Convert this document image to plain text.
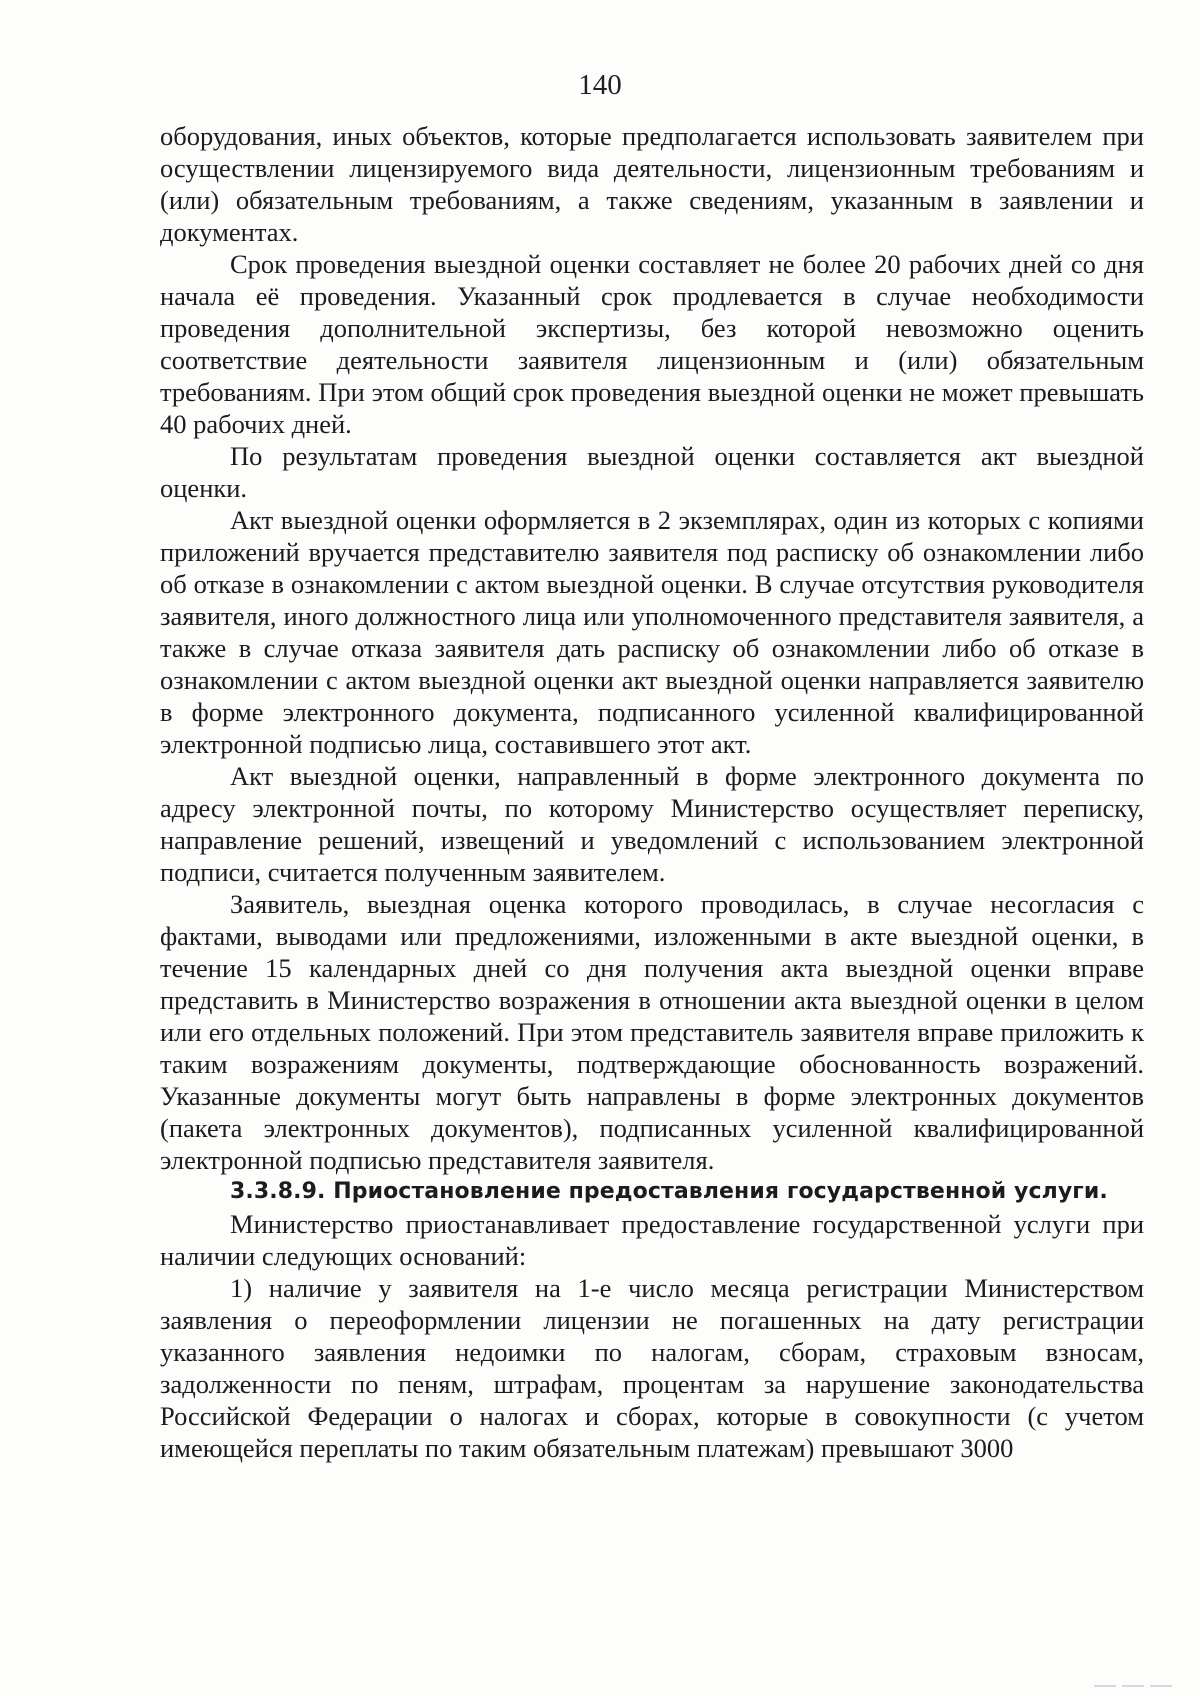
140

оборудования, иных объектов, которые предполагается использовать заявителем при осуществлении лицензируемого вида деятельности, лицензионным требованиям и (или) обязательным требованиям, а также сведениям, указанным в заявлении и документах.

Срок проведения выездной оценки составляет не более 20 рабочих дней со дня начала её проведения. Указанный срок продлевается в случае необходимости проведения дополнительной экспертизы, без которой невозможно оценить соответствие деятельности заявителя лицензионным и (или) обязательным требованиям. При этом общий срок проведения выездной оценки не может превышать 40 рабочих дней.

По результатам проведения выездной оценки составляется акт выездной оценки.

Акт выездной оценки оформляется в 2 экземплярах, один из которых с копиями приложений вручается представителю заявителя под расписку об ознакомлении либо об отказе в ознакомлении с актом выездной оценки. В случае отсутствия руководителя заявителя, иного должностного лица или уполномоченного представителя заявителя, а также в случае отказа заявителя дать расписку об ознакомлении либо об отказе в ознакомлении с актом выездной оценки акт выездной оценки направляется заявителю в форме электронного документа, подписанного усиленной квалифицированной электронной подписью лица, составившего этот акт.

Акт выездной оценки, направленный в форме электронного документа по адресу электронной почты, по которому Министерство осуществляет переписку, направление решений, извещений и уведомлений с использованием электронной подписи, считается полученным заявителем.

Заявитель, выездная оценка которого проводилась, в случае несогласия с фактами, выводами или предложениями, изложенными в акте выездной оценки, в течение 15 календарных дней со дня получения акта выездной оценки вправе представить в Министерство возражения в отношении акта выездной оценки в целом или его отдельных положений. При этом представитель заявителя вправе приложить к таким возражениям документы, подтверждающие обоснованность возражений. Указанные документы могут быть направлены в форме электронных документов (пакета электронных документов), подписанных усиленной квалифицированной электронной подписью представителя заявителя.

3.3.8.9. Приостановление предоставления государственной услуги.

Министерство приостанавливает предоставление государственной услуги при наличии следующих оснований:

1) наличие у заявителя на 1-е число месяца регистрации Министерством заявления о переоформлении лицензии не погашенных на дату регистрации указанного заявления недоимки по налогам, сборам, страховым взносам, задолженности по пеням, штрафам, процентам за нарушение законодательства Российской Федерации о налогах и сборах, которые в совокупности (с учетом имеющейся переплаты по таким обязательным платежам) превышают 3000
